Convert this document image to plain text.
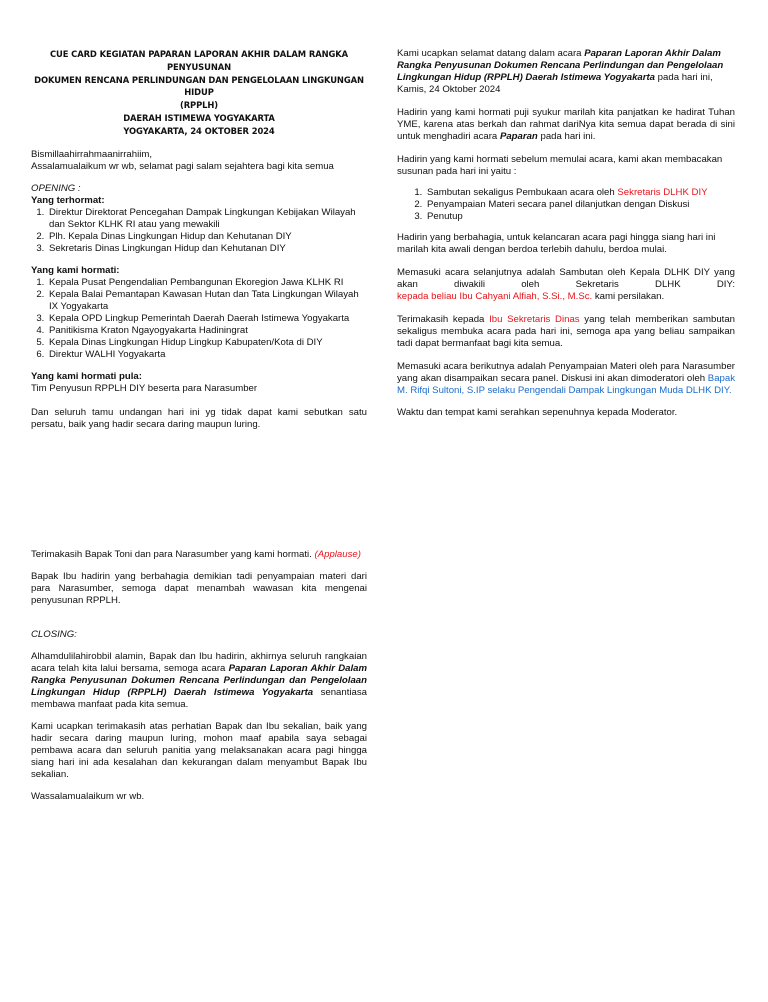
CUE CARD KEGIATAN PAPARAN LAPORAN AKHIR DALAM RANGKA PENYUSUNAN
DOKUMEN RENCANA PERLINDUNGAN DAN PENGELOLAAN LINGKUNGAN HIDUP
(RPPLH)
DAERAH ISTIMEWA YOGYAKARTA
YOGYAKARTA, 24 OKTOBER 2024

Bismillaahirrahmaanirrahiim,

Assalamualaikum wr wb, selamat pagi salam sejahtera bagi kita semua

OPENING :

Yang terhormat:

1. Direktur Direktorat Pencegahan Dampak Lingkungan Kebijakan Wilayah dan Sektor KLHK RI atau yang mewakili
2. Plh. Kepala Dinas Lingkungan Hidup dan Kehutanan DIY
3. Sekretaris Dinas Lingkungan Hidup dan Kehutanan DIY

Yang kami hormati:

1. Kepala Pusat Pengendalian Pembangunan Ekoregion Jawa KLHK RI
2. Kepala Balai Pemantapan Kawasan Hutan dan Tata Lingkungan Wilayah IX Yogyakarta
3. Kepala OPD Lingkup Pemerintah Daerah Daerah Istimewa Yogyakarta
4. Panitikisma Kraton Ngayogyakarta Hadiningrat
5. Kepala Dinas Lingkungan Hidup Lingkup Kabupaten/Kota di DIY
6. Direktur WALHI Yogyakarta

Yang kami hormati pula:

Tim Penyusun RPPLH DIY beserta para Narasumber

Dan seluruh tamu undangan hari ini yg tidak dapat kami sebutkan satu persatu, baik yang hadir secara daring maupun luring.

Terimakasih Bapak Toni dan para Narasumber yang kami hormati. (Applause)

Bapak Ibu hadirin yang berbahagia demikian tadi penyampaian materi dari para Narasumber, semoga dapat menambah wawasan kita mengenai penyusunan RPPLH.

CLOSING:

Alhamdulilahirobbil alamin, Bapak dan Ibu hadirin, akhirnya seluruh rangkaian acara telah kita lalui bersama, semoga acara Paparan Laporan Akhir Dalam Rangka Penyusunan Dokumen Rencana Perlindungan dan Pengelolaan Lingkungan Hidup (RPPLH) Daerah Istimewa Yogyakarta senantiasa membawa manfaat pada kita semua.

Kami ucapkan terimakasih atas perhatian Bapak dan Ibu sekalian, baik yang hadir secara daring maupun luring, mohon maaf apabila saya sebagai pembawa acara dan seluruh panitia yang melaksanakan acara pagi hingga siang hari ini ada kesalahan dan kekurangan dalam menyambut Bapak Ibu sekalian.

Wassalamualaikum wr wb.

Kami ucapkan selamat datang dalam acara Paparan Laporan Akhir Dalam Rangka Penyusunan Dokumen Rencana Perlindungan dan Pengelolaan Lingkungan Hidup (RPPLH) Daerah Istimewa Yogyakarta pada hari ini, Kamis, 24 Oktober 2024

Hadirin yang kami hormati puji syukur marilah kita panjatkan ke hadirat Tuhan YME, karena atas berkah dan rahmat dariNya kita semua dapat berada di sini untuk menghadiri acara Paparan pada hari ini.

Hadirin yang kami hormati sebelum memulai acara, kami akan membacakan susunan pada hari ini yaitu :

1. Sambutan sekaligus Pembukaan acara oleh Sekretaris DLHK DIY
2. Penyampaian Materi secara panel dilanjutkan dengan Diskusi
3. Penutup

Hadirin yang berbahagia, untuk kelancaran acara pagi hingga siang hari ini marilah kita awali dengan berdoa terlebih dahulu, berdoa mulai.

Memasuki acara selanjutnya adalah Sambutan oleh Kepala DLHK DIY yang akan diwakili oleh Sekretaris DLHK DIY:

kepada beliau Ibu Cahyani Alfiah, S.Si., M.Sc. kami persilakan.

Terimakasih kepada Ibu Sekretaris Dinas yang telah memberikan sambutan sekaligus membuka acara pada hari ini, semoga apa yang beliau sampaikan tadi dapat bermanfaat bagi kita semua.

Memasuki acara berikutnya adalah Penyampaian Materi oleh para Narasumber yang akan disampaikan secara panel. Diskusi ini akan dimoderatori oleh Bapak M. Rifqi Sultoni, S.IP selaku Pengendali Dampak Lingkungan Muda DLHK DIY.

Waktu dan tempat kami serahkan sepenuhnya kepada Moderator.
